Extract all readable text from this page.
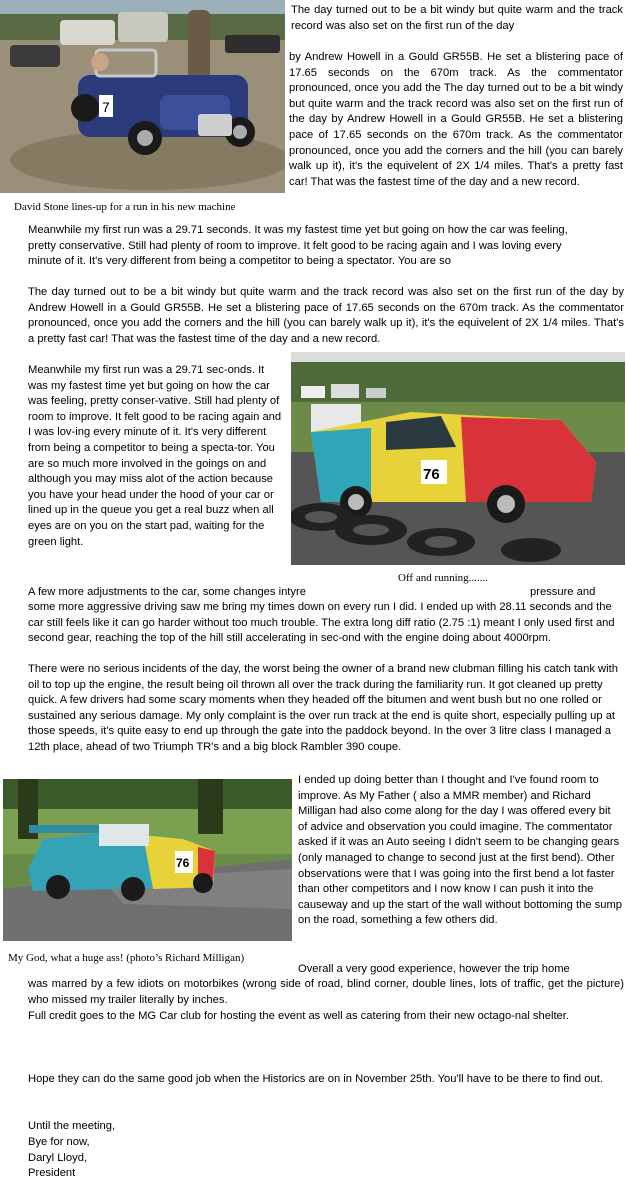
7
David Stone lines-up for a run in his new machine

The day turned out to be a bit windy but quite warm and the track record was also set on the first run of the day

by Andrew Howell in a Gould GR55B. He set a blistering pace of 17.65 seconds on the 670m track. As the commentator pronounced, once you add the The day turned out to be a bit windy but quite warm and the track record was also set on the first run of the day by Andrew Howell in a Gould GR55B. He set a blistering pace of 17.65 seconds on the 670m track. As the commentator pronounced, once you add the corners and the hill (you can barely walk up it), it's the equivelent of 2X 1/4 miles. That's a pretty fast car! That was the fastest time of the day and a new record.

Meanwhile my first run was a 29.71 seconds. It was my fastest time yet but going on how the car was feeling, pretty conservative. Still had plenty of room to improve. It felt good to be racing again and I was loving every minute of it. It's very different from being a competitor to being a spectator. You are so

The day turned out to be a bit windy but quite warm and the track record was also set on the first run of the day by Andrew Howell in a Gould GR55B. He set a blistering pace of 17.65 seconds on the 670m track. As the commentator pronounced, once you add the corners and the hill (you can barely walk up it), it's the equivelent of 2X 1/4 miles. That's a pretty fast car! That was the fastest time of the day and a new record.

76
Off and running.......

Meanwhile my first run was a 29.71 sec-onds. It was my fastest time yet but going on how the car was feeling, pretty conser-vative. Still had plenty of room to improve. It felt good to be racing again and I was lov-ing every minute of it. It's very different from being a competitor to being a specta-tor. You are so much more involved in the goings on and although you may miss alot of the action because you have your head under the hood of your car or lined up in the queue you get a real buzz when all eyes are on you on the start pad, waiting for the green light.

A few more adjustments to the car, some changes intyre	pressure and

some more aggressive driving saw me bring my times down on every run I did. I ended up with 28.11 seconds and the car still feels like it can go harder without too much trouble. The extra long diff ratio (2.75 :1) meant I only used first and second gear, reaching the top of the hill still accelerating in sec-ond with the engine doing about 4000rpm.

There were no serious incidents of the day, the worst being the owner of a brand new clubman filling his catch tank with oil to top up the engine, the result being oil thrown all over the track during the familiarity run. It got cleaned up pretty quick. A few drivers had some scary moments when they headed off the bitumen and went bush but no one rolled or sustained any serious damage. My only complaint is the over run track at the end is quite short, especially pulling up at those speeds, it's quite easy to end up through the gate into the paddock beyond. In the over 3 litre class I managed a 12th place, ahead of two Triumph TR's and a big block Rambler 390 coupe.

76
My God, what a huge ass! (photo’s Richard Milligan)

I ended up doing better than I thought and I've found room to improve. As My Father ( also a MMR member) and Richard Milligan had also come along for the day I was offered every bit of advice and observation you could imagine. The commentator asked if it was an Auto seeing I didn't seem to be changing gears (only managed to change to second just at the first bend). Other observations were that I was going into the first bend a lot faster than other competitors and I now know I can push it into the causeway and up the start of the wall without bottoming the sump on the road, something a few others did.

Overall a very good experience, however the trip home

was marred by a few idiots on motorbikes (wrong side of road, blind corner, double lines, lots of traffic, get the picture) who missed my trailer literally by inches.

Full credit goes to the MG Car club for hosting the event as well as catering from their new octago-nal shelter.

Hope they can do the same good job when the Historics are on in November 25th. You'll have to be there to find out.

Until the meeting,

Bye for now,

Daryl Lloyd,

President
